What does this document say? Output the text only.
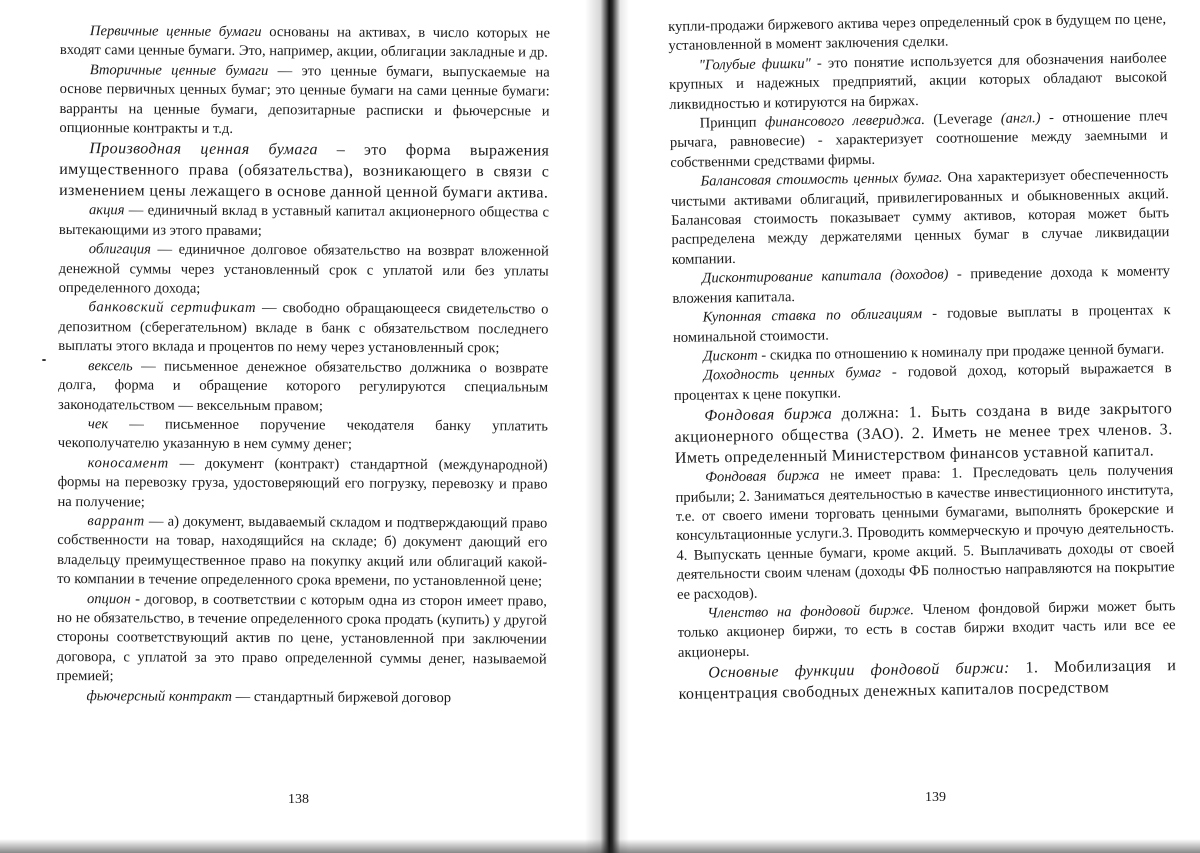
Первичные ценные бумаги основаны на активах, в число которых не входят сами ценные бумаги. Это, например, акции, облигации закладные и др.

Вторичные ценные бумаги — это ценные бумаги, выпускаемые на основе первичных ценных бумаг; это ценные бумаги на сами ценные бумаги: варранты на ценные бумаги, депозитарные расписки и фьючерсные и опционные контракты и т.д.

Производная ценная бумага – это форма выражения имущественного права (обязательства), возникающего в связи с изменением цены лежащего в основе данной ценной бумаги актива.

акция — единичный вклад в уставный капитал акционерного общества с вытекающими из этого правами;

облигация — единичное долговое обязательство на возврат вложенной денежной суммы через установленный срок с уплатой или без уплаты определенного дохода;

банковский сертификат — свободно обращающееся свидетельство о депозитном (сберегательном) вкладе в банк с обязательством последнего выплаты этого вклада и процентов по нему через установленный срок;

вексель — письменное денежное обязательство должника о возврате долга, форма и обращение которого регулируются специальным законодательством — вексельным правом;

чек — письменное поручение чекодателя банку уплатить чекополучателю указанную в нем сумму денег;

коносамент — документ (контракт) стандартной (международной) формы на перевозку груза, удостоверяющий его погрузку, перевозку и право на получение;

варрант — а) документ, выдаваемый складом и подтверждающий право собственности на товар, находящийся на складе; б) документ дающий его владельцу преимущественное право на покупку акций или облигаций какой-то компании в течение определенного срока времени, по установленной цене;

опцион - договор, в соответствии с которым одна из сторон имеет право, но не обязательство, в течение определенного срока продать (купить) у другой стороны соответствующий актив по цене, установленной при заключении договора, с уплатой за это право определенной суммы денег, называемой премией;

фьючерсный контракт — стандартный биржевой договор

138

купли-продажи биржевого актива через определенный срок в будущем по цене, установленной в момент заключения сделки.

"Голубые фишки" - это понятие используется для обозначения наиболее крупных и надежных предприятий, акции которых обладают высокой ликвидностью и котируются на биржах.

Принцип финансового левериджа. (Leverage (англ.) - отношение плеч рычага, равновесие) - характеризует соотношение между заемными и собственнми средствами фирмы.

Балансовая стоимость ценных бумаг. Она характеризует обеспеченность чистыми активами облигаций, привилегированных и обыкновенных акций. Балансовая стоимость показывает сумму активов, которая может быть распределена между держателями ценных бумаг в случае ликвидации компании.

Дисконтирование капитала (доходов) - приведение дохода к моменту вложения капитала.

Купонная ставка по облигациям - годовые выплаты в процентах к номинальной стоимости.

Дисконт - скидка по отношению к номиналу при продаже ценной бумаги.

Доходность ценных бумаг - годовой доход, который выражается в процентах к цене покупки.

Фондовая биржа должна: 1. Быть создана в виде закрытого акционерного общества (ЗАО). 2. Иметь не менее трех членов. 3. Иметь определенный Министерством финансов уставной капитал.

Фондовая биржа не имеет права: 1. Преследовать цель получения прибыли; 2. Заниматься деятельностью в качестве инвестиционного института, т.е. от своего имени торговать ценными бумагами, выполнять брокерские и консультационные услуги.3. Проводить коммерческую и прочую деятельность. 4. Выпускать ценные бумаги, кроме акций. 5. Выплачивать доходы от своей деятельности своим членам (доходы ФБ полностью направляются на покрытие ее расходов).

Членство на фондовой бирже. Членом фондовой биржи может быть только акционер биржи, то есть в состав биржи входит часть или все ее акционеры.

Основные функции фондовой биржи: 1. Мобилизация и концентрация свободных денежных капиталов посредством

139
